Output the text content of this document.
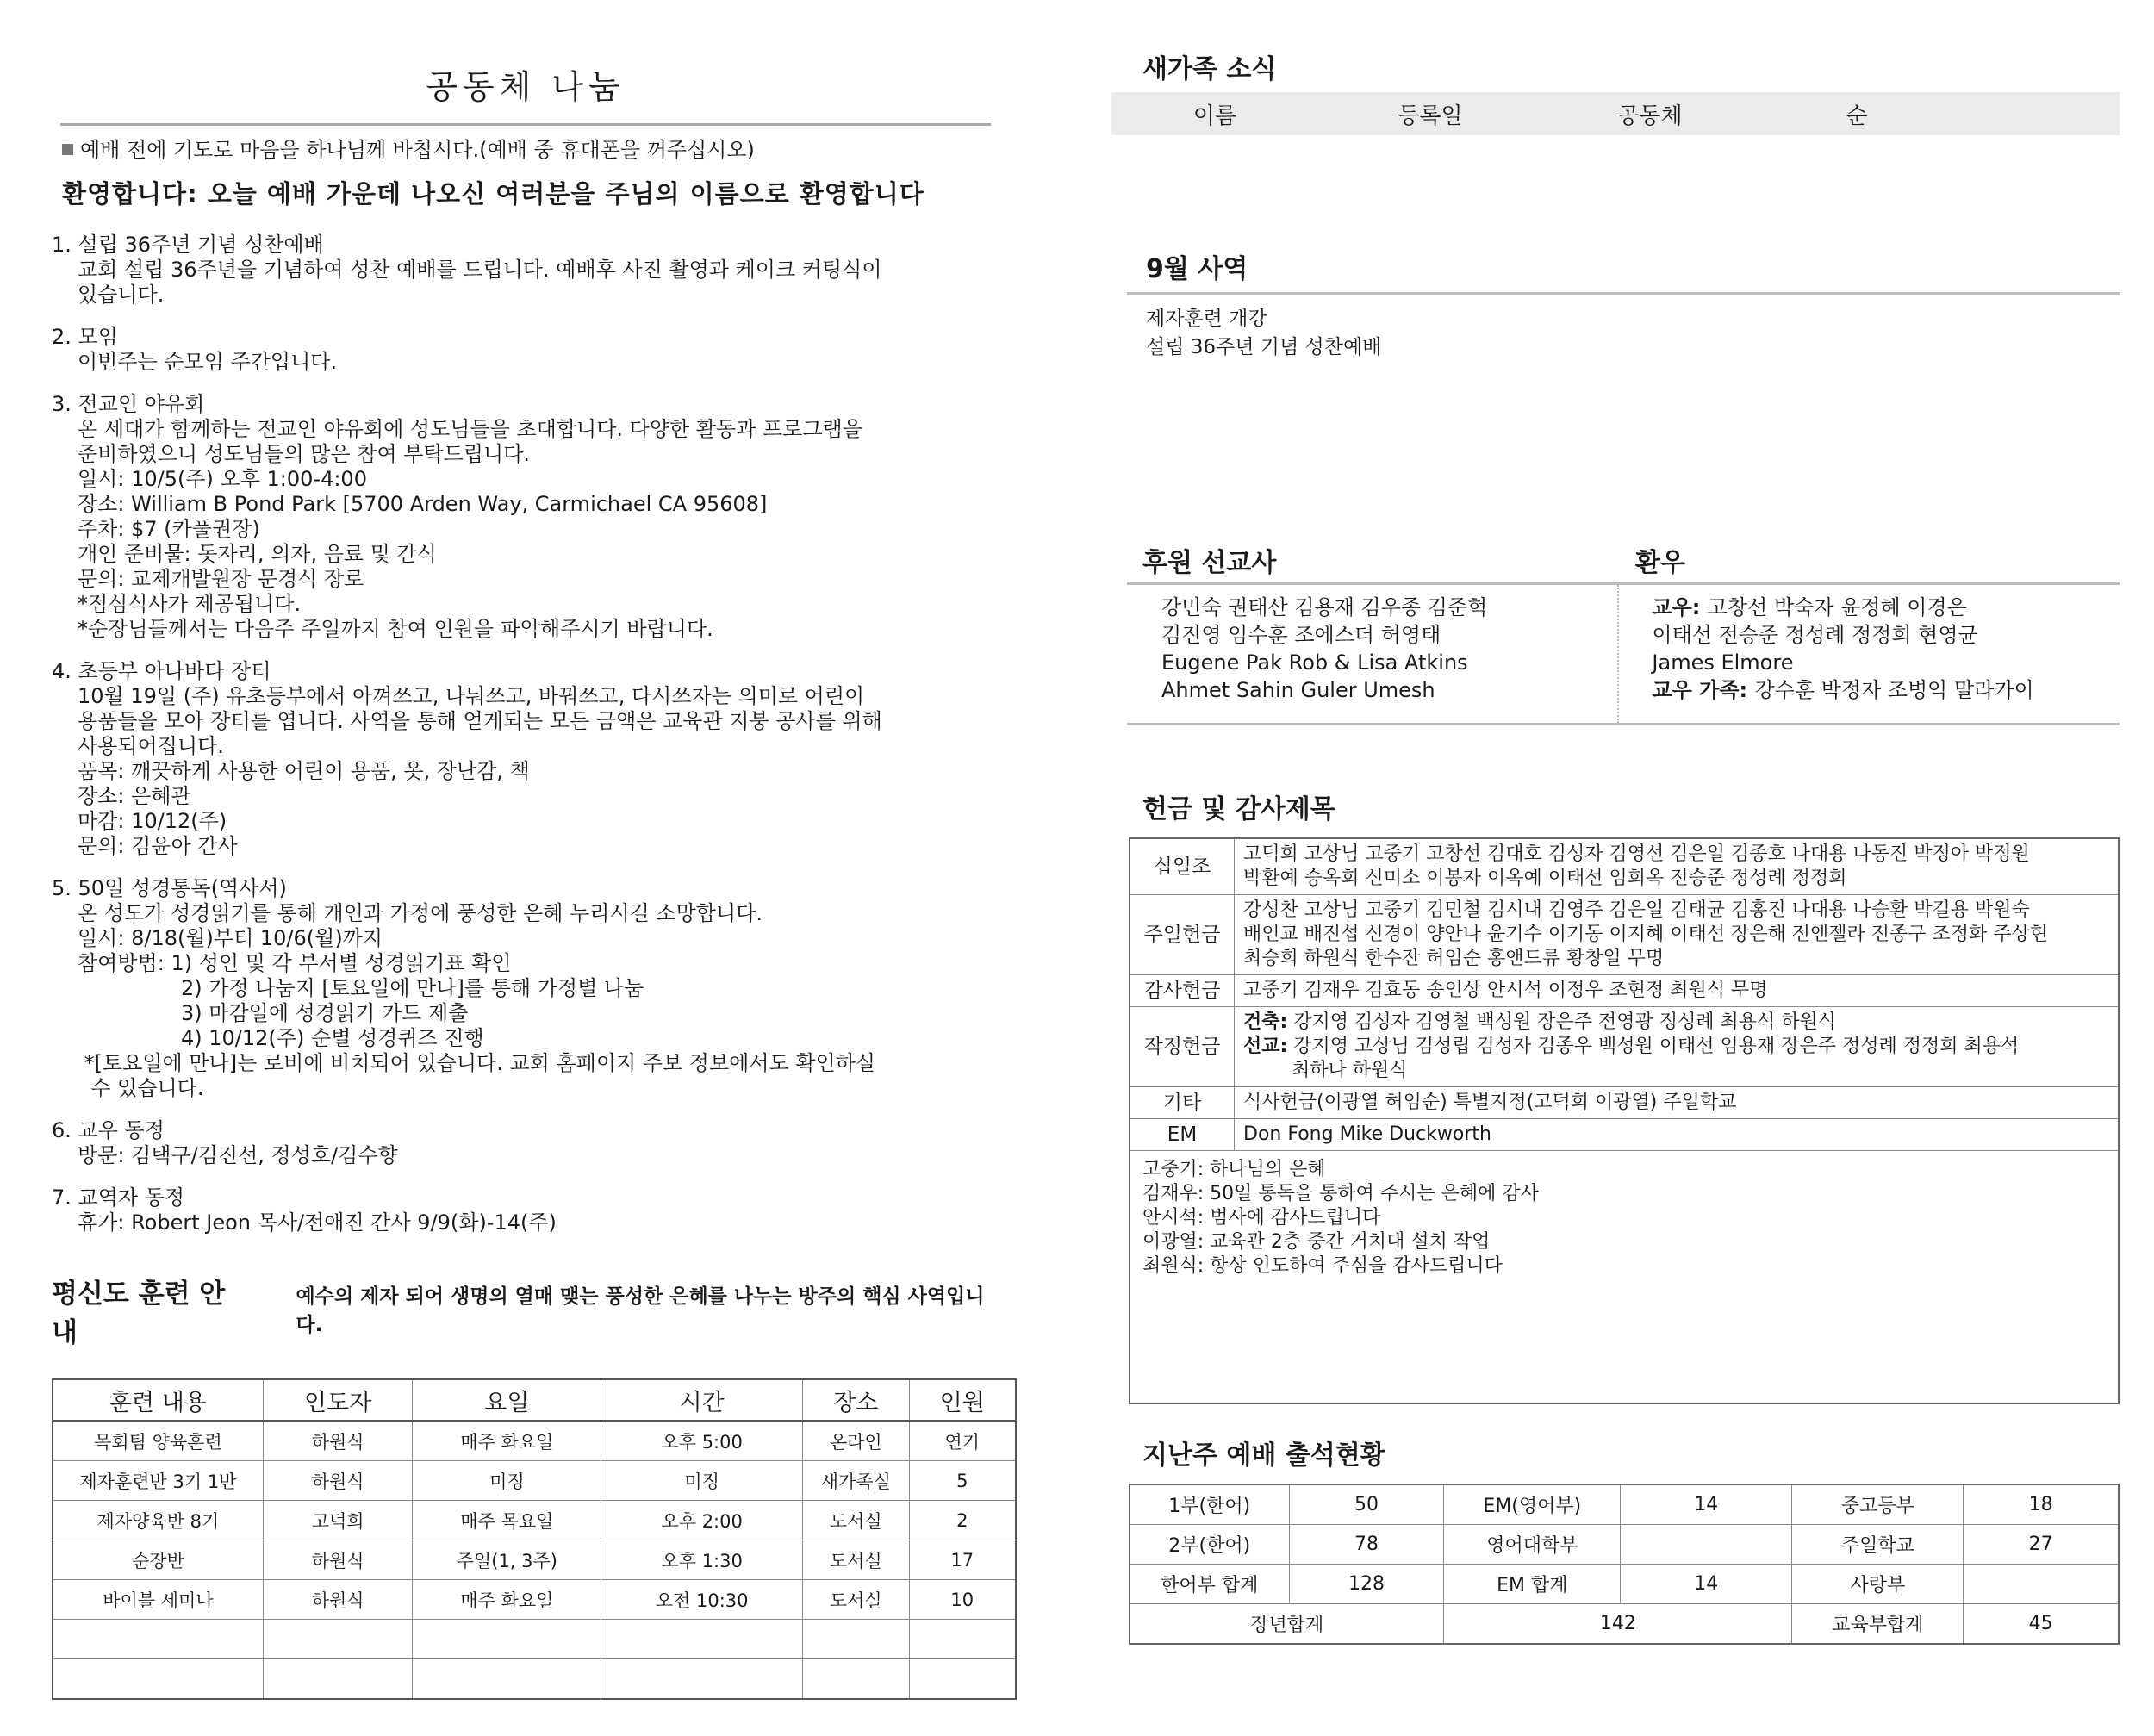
공동체 나눔
예배 전에 기도로 마음을 하나님께 바칩시다.(예배 중 휴대폰을 꺼주십시오)
환영합니다: 오늘 예배 가운데 나오신 여러분을 주님의 이름으로 환영합니다
1. 설립 36주년 기념 성찬예배
교회 설립 36주년을 기념하여 성찬 예배를 드립니다. 예배후 사진 촬영과 케이크 커팅식이
있습니다.
2. 모임
이번주는 순모임 주간입니다.
3. 전교인 야유회
온 세대가 함께하는 전교인 야유회에 성도님들을 초대합니다. 다양한 활동과 프로그램을
준비하였으니 성도님들의 많은 참여 부탁드립니다.
일시: 10/5(주) 오후 1:00-4:00
장소: William B Pond Park [5700 Arden Way, Carmichael CA 95608]
주차: $7 (카풀권장)
개인 준비물: 돗자리, 의자, 음료 및 간식
문의: 교제개발원장 문경식 장로
*점심식사가 제공됩니다.
*순장님들께서는 다음주 주일까지 참여 인원을 파악해주시기 바랍니다.
4. 초등부 아나바다 장터
10월 19일 (주) 유초등부에서 아껴쓰고, 나눠쓰고, 바꿔쓰고, 다시쓰자는 의미로 어린이
용품들을 모아 장터를 엽니다. 사역을 통해 얻게되는 모든 금액은 교육관 지붕 공사를 위해
사용되어집니다.
품목: 깨끗하게 사용한 어린이 용품, 옷, 장난감, 책
장소: 은혜관
마감: 10/12(주)
문의: 김윤아 간사
5. 50일 성경통독(역사서)
온 성도가 성경읽기를 통해 개인과 가정에 풍성한 은혜 누리시길 소망합니다.
일시: 8/18(월)부터 10/6(월)까지
참여방법: 1) 성인 및 각 부서별 성경읽기표 확인
2) 가정 나눔지 [토요일에 만나]를 통해 가정별 나눔
3) 마감일에 성경읽기 카드 제출
4) 10/12(주) 순별 성경퀴즈 진행
*[토요일에 만나]는 로비에 비치되어 있습니다. 교회 홈페이지 주보 정보에서도 확인하실
수 있습니다.
6. 교우 동정
방문: 김택구/김진선, 정성호/김수향
7. 교역자 동정
휴가: Robert Jeon 목사/전애진 간사 9/9(화)-14(주)
평신도 훈련 안내
예수의 제자 되어 생명의 열매 맺는 풍성한 은혜를 나누는 방주의 핵심 사역입니다.
훈련 내용	인도자	요일	시간	장소	인원
목회팀 양육훈련	하원식	매주 화요일	오후 5:00	온라인	연기
제자훈련반 3기 1반	하원식	미정	미정	새가족실	5
제자양육반 8기	고덕희	매주 목요일	오후 2:00	도서실	2
순장반	하원식	주일(1, 3주)	오후 1:30	도서실	17
바이블 세미나	하원식	매주 화요일	오전 10:30	도서실	10

새가족 소식
이름	등록일	공동체	순
9월 사역
제자훈련 개강
설립 36주년 기념 성찬예배
후원 선교사	환우
강민숙 권태산 김용재 김우종 김준혁
김진영 임수훈 조에스더 허영태
Eugene Pak Rob & Lisa Atkins
Ahmet Sahin Guler Umesh
교우: 고창선 박숙자 윤정혜 이경은
이태선 전승준 정성례 정정희 현영균
James Elmore
교우 가족: 강수훈 박정자 조병익 말라카이
헌금 및 감사제목
십일조	고덕희 고상님 고중기 고창선 김대호 김성자 김영선 김은일 김종호 나대용 나동진 박정아 박정원
박환예 승옥희 신미소 이봉자 이옥예 이태선 임희옥 전승준 정성례 정정희

주일헌금	강성찬 고상님 고중기 김민철 김시내 김영주 김은일 김태균 김홍진 나대용 나승환 박길용 박원숙
배인교 배진섭 신경이 양안나 윤기수 이기동 이지혜 이태선 장은해 전엔젤라 전종구 조정화 주상현
최승희 하원식 한수잔 허임순 홍앤드류 황창일 무명

감사헌금	고중기 김재우 김효동 송인상 안시석 이정우 조현정 최원식 무명

작정헌금	건축: 강지영 김성자 김영철 백성원 장은주 전영광 정성례 최용석 하원식
선교: 강지영 고상님 김성립 김성자 김종우 백성원 이태선 임용재 장은주 정성례 정정희 최용석
최하나 하원식

기타	식사헌금(이광열 허임순) 특별지정(고덕희 이광열) 주일학교

EM	Don Fong Mike Duckworth

고중기: 하나님의 은혜
김재우: 50일 통독을 통하여 주시는 은혜에 감사
안시석: 범사에 감사드립니다
이광열: 교육관 2층 중간 거치대 설치 작업
최원식: 항상 인도하여 주심을 감사드립니다	
지난주 예배 출석현황
1부(한어)	50	EM(영어부)	14	중고등부	18
2부(한어)	78	영어대학부		주일학교	27
한어부 합계	128	EM 합계	14	사랑부	
장년합계		142		교육부합계	45
